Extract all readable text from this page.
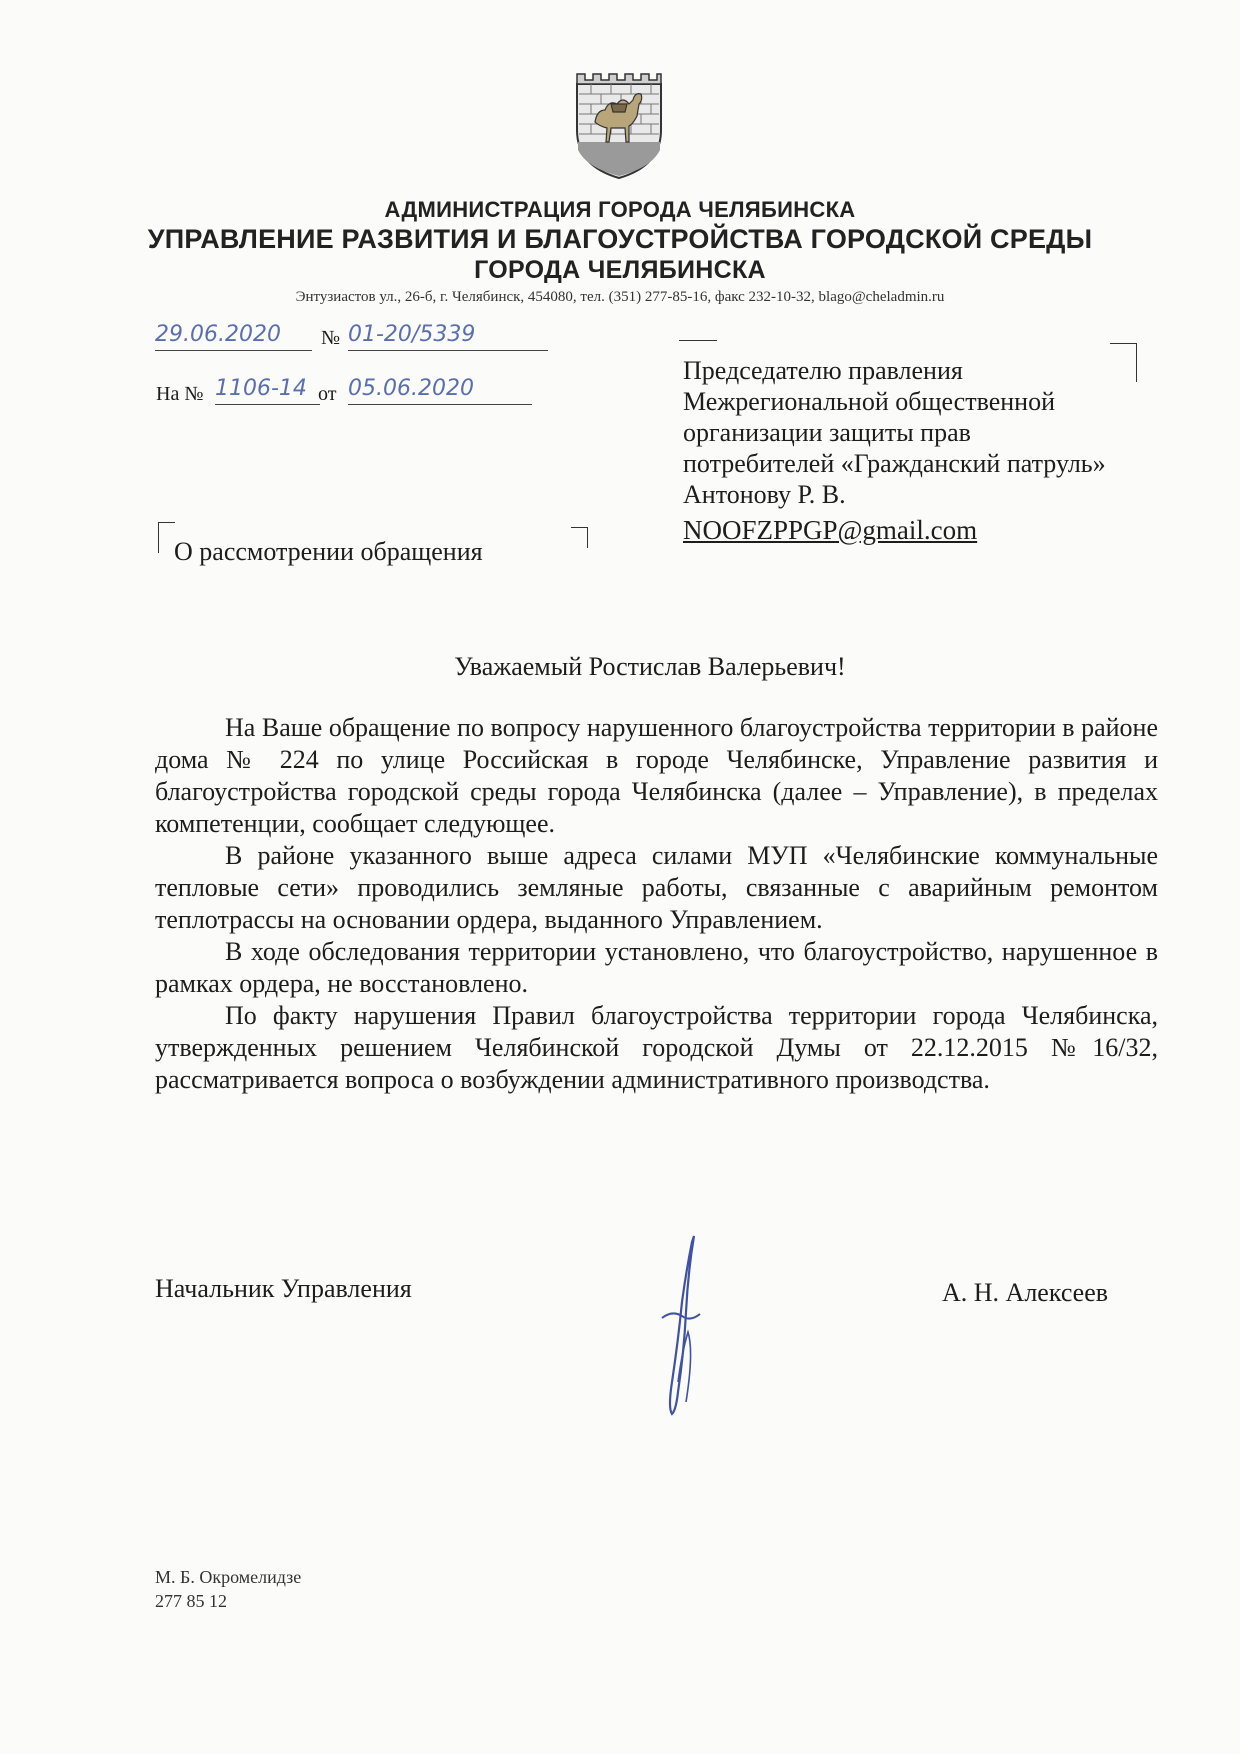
АДМИНИСТРАЦИЯ ГОРОДА ЧЕЛЯБИНСКА
УПРАВЛЕНИЕ РАЗВИТИЯ И БЛАГОУСТРОЙСТВА ГОРОДСКОЙ СРЕДЫ
ГОРОДА ЧЕЛЯБИНСКА
Энтузиастов ул., 26-б, г. Челябинск, 454080, тел. (351) 277-85-16, факс 232-10-32, blago@cheladmin.ru
29.06.2020	№ 01-20/5339
На № 1106-14 от 05.06.2020
Председателю правления
Межрегиональной общественной
организации защиты прав
потребителей «Гражданский патруль»
Антонову Р. В.
NOOFZPPGP@gmail.com
О рассмотрении обращения
Уважаемый Ростислав Валерьевич!

На Ваше обращение по вопросу нарушенного благоустройства территории в районе дома № 224 по улице Российская в городе Челябинске, Управление развития и благоустройства городской среды города Челябинска (далее – Управление), в пределах компетенции, сообщает следующее.

В районе указанного выше адреса силами МУП «Челябинские коммунальные тепловые сети» проводились земляные работы, связанные с аварийным ремонтом теплотрассы на основании ордера, выданного Управлением.

В ходе обследования территории установлено, что благоустройство, нарушенное в рамках ордера, не восстановлено.

По факту нарушения Правил благоустройства территории города Челябинска, утвержденных решением Челябинской городской Думы от 22.12.2015 №16/32, рассматривается вопроса о возбуждении административного производства.

Начальник Управления	А. Н. Алексеев
М. Б. Окромелидзе
277 85 12
